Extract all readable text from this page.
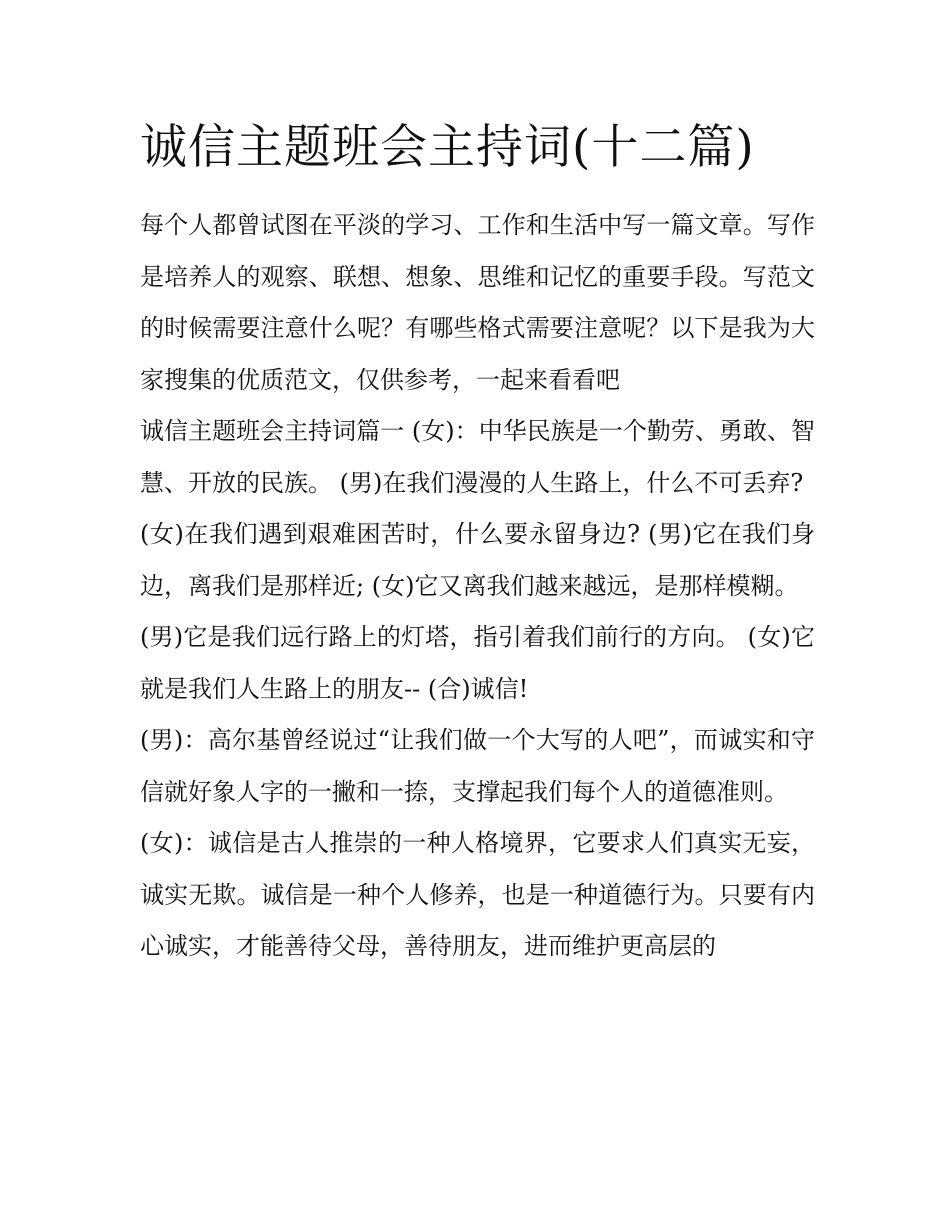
诚信主题班会主持词(十二篇)

每个人都曾试图在平淡的学习、工作和生活中写一篇文章。写作是培养人的观察、联想、想象、思维和记忆的重要手段。写范文的时候需要注意什么呢？有哪些格式需要注意呢？以下是我为大家搜集的优质范文，仅供参考，一起来看看吧

诚信主题班会主持词篇一 (女)：中华民族是一个勤劳、勇敢、智慧、开放的民族。 (男)在我们漫漫的人生路上，什么不可丢弃?

(女)在我们遇到艰难困苦时，什么要永留身边? (男)它在我们身边，离我们是那样近; (女)它又离我们越来越远，是那样模糊。

(男)它是我们远行路上的灯塔，指引着我们前行的方向。 (女)它就是我们人生路上的朋友-- (合)诚信!

(男)：高尔基曾经说过“让我们做一个大写的人吧”，而诚实和守信就好象人字的一撇和一捺，支撑起我们每个人的道德准则。

(女)：诚信是古人推崇的一种人格境界，它要求人们真实无妄，诚实无欺。诚信是一种个人修养，也是一种道德行为。只要有内心诚实，才能善待父母，善待朋友，进而维护更高层的
